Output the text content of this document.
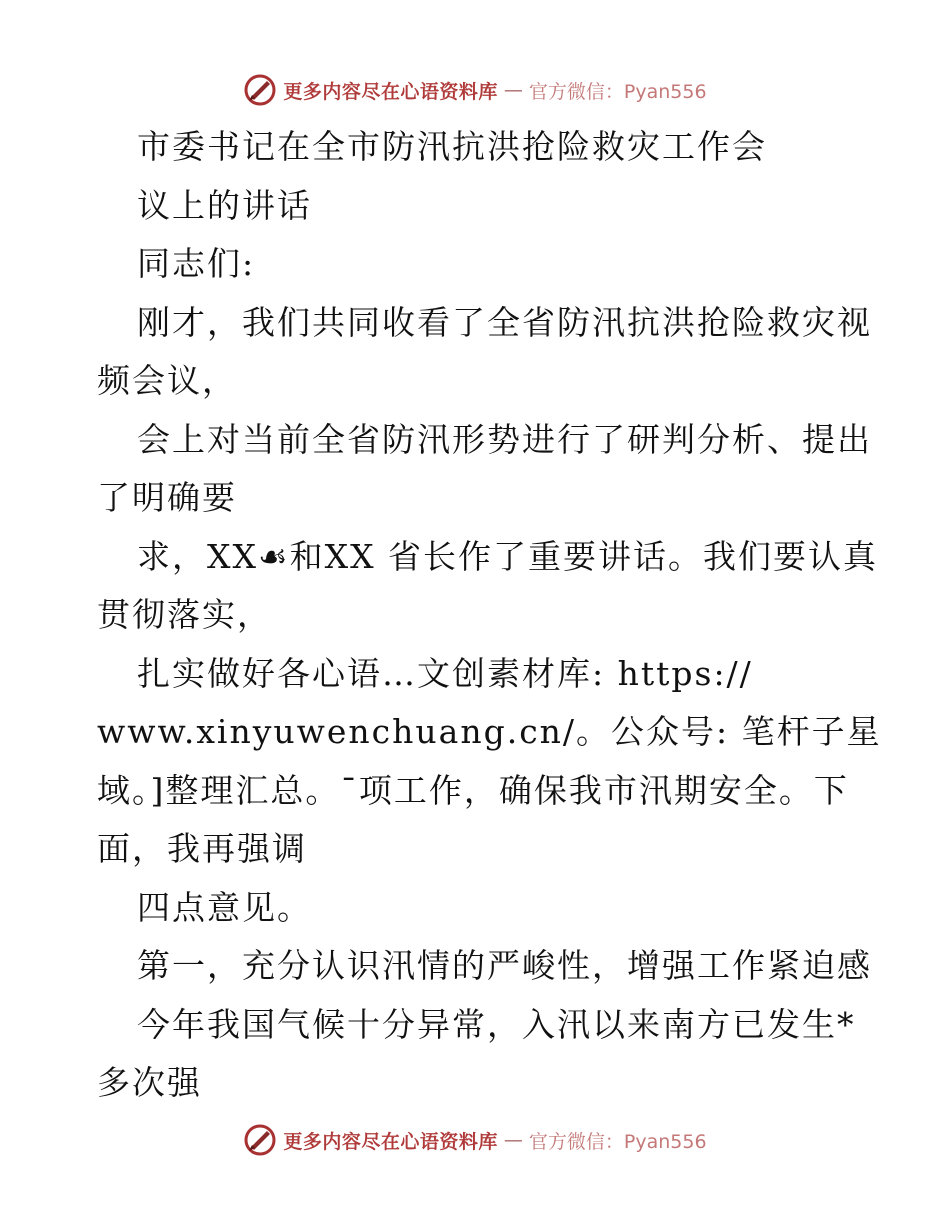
更多内容尽在心语资料库 — 官方微信：Pyan556
市委书记在全市防汛抗洪抢险救灾工作会
议上的讲话
同志们:
刚才，我们共同收看了全省防汛抗洪抢险救灾视
频会议，
会上对当前全省防汛形势进行了研判分析、提出
了明确要
求，XX☙和XX 省长作了重要讲话。我们要认真
贯彻落实，
扎实做好各心语…文创素材库: https://
www.xinyuwenchuang.cn/。公众号: 笔杆子星
域。]整理汇总。¯项工作，确保我市汛期安全。下
面，我再强调
四点意见。
第一，充分认识汛情的严峻性，增强工作紧迫感
今年我国气候十分异常，入汛以来南方已发生*
多次强
更多内容尽在心语资料库 — 官方微信：Pyan556
